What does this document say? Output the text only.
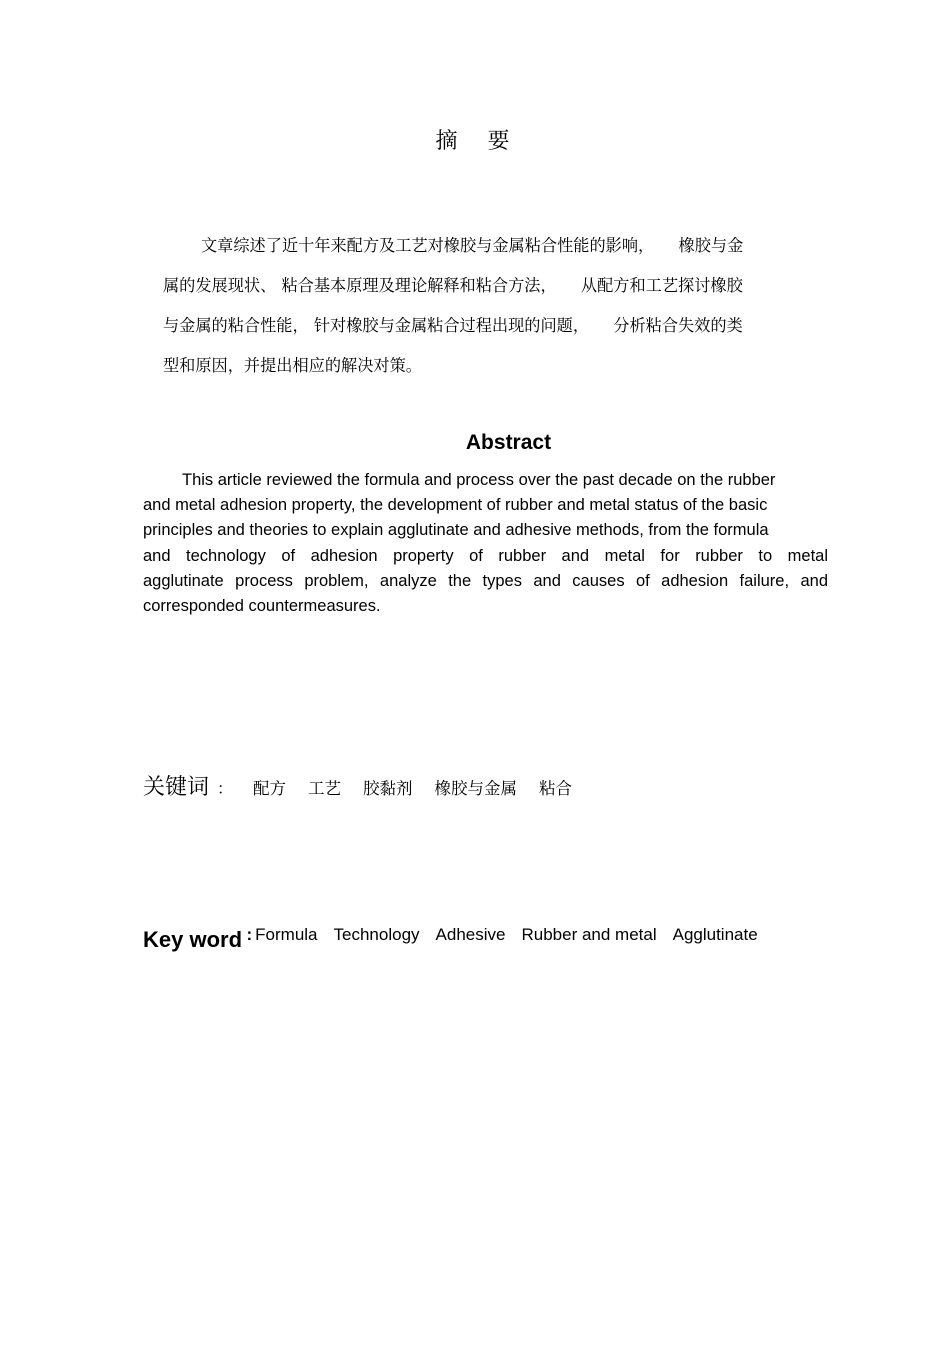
摘要
文章综述了近十年来配方及工艺对橡胶与金属粘合性能的影响，　　橡胶与金
属的发展现状、 粘合基本原理及理论解释和粘合方法，　　从配方和工艺探讨橡胶
与金属的粘合性能， 针对橡胶与金属粘合过程出现的问题，　　分析粘合失效的类
型和原因，并提出相应的解决对策。
Abstract
This article reviewed the formula and process over the past decade on the rubber
and metal adhesion property, the development of rubber and metal status of the basic
principles and theories to explain agglutinate and adhesive methods, from the formula
and technology of adhesion property of rubber and metal for rubber to metal
agglutinate process problem, analyze the types and causes of adhesion failure, and
corresponded countermeasures.
关键词 ： 配方 工艺 胶黏剂 橡胶与金属 粘合
Key word : Formula Technology Adhesive Rubber and metal Agglutinate
